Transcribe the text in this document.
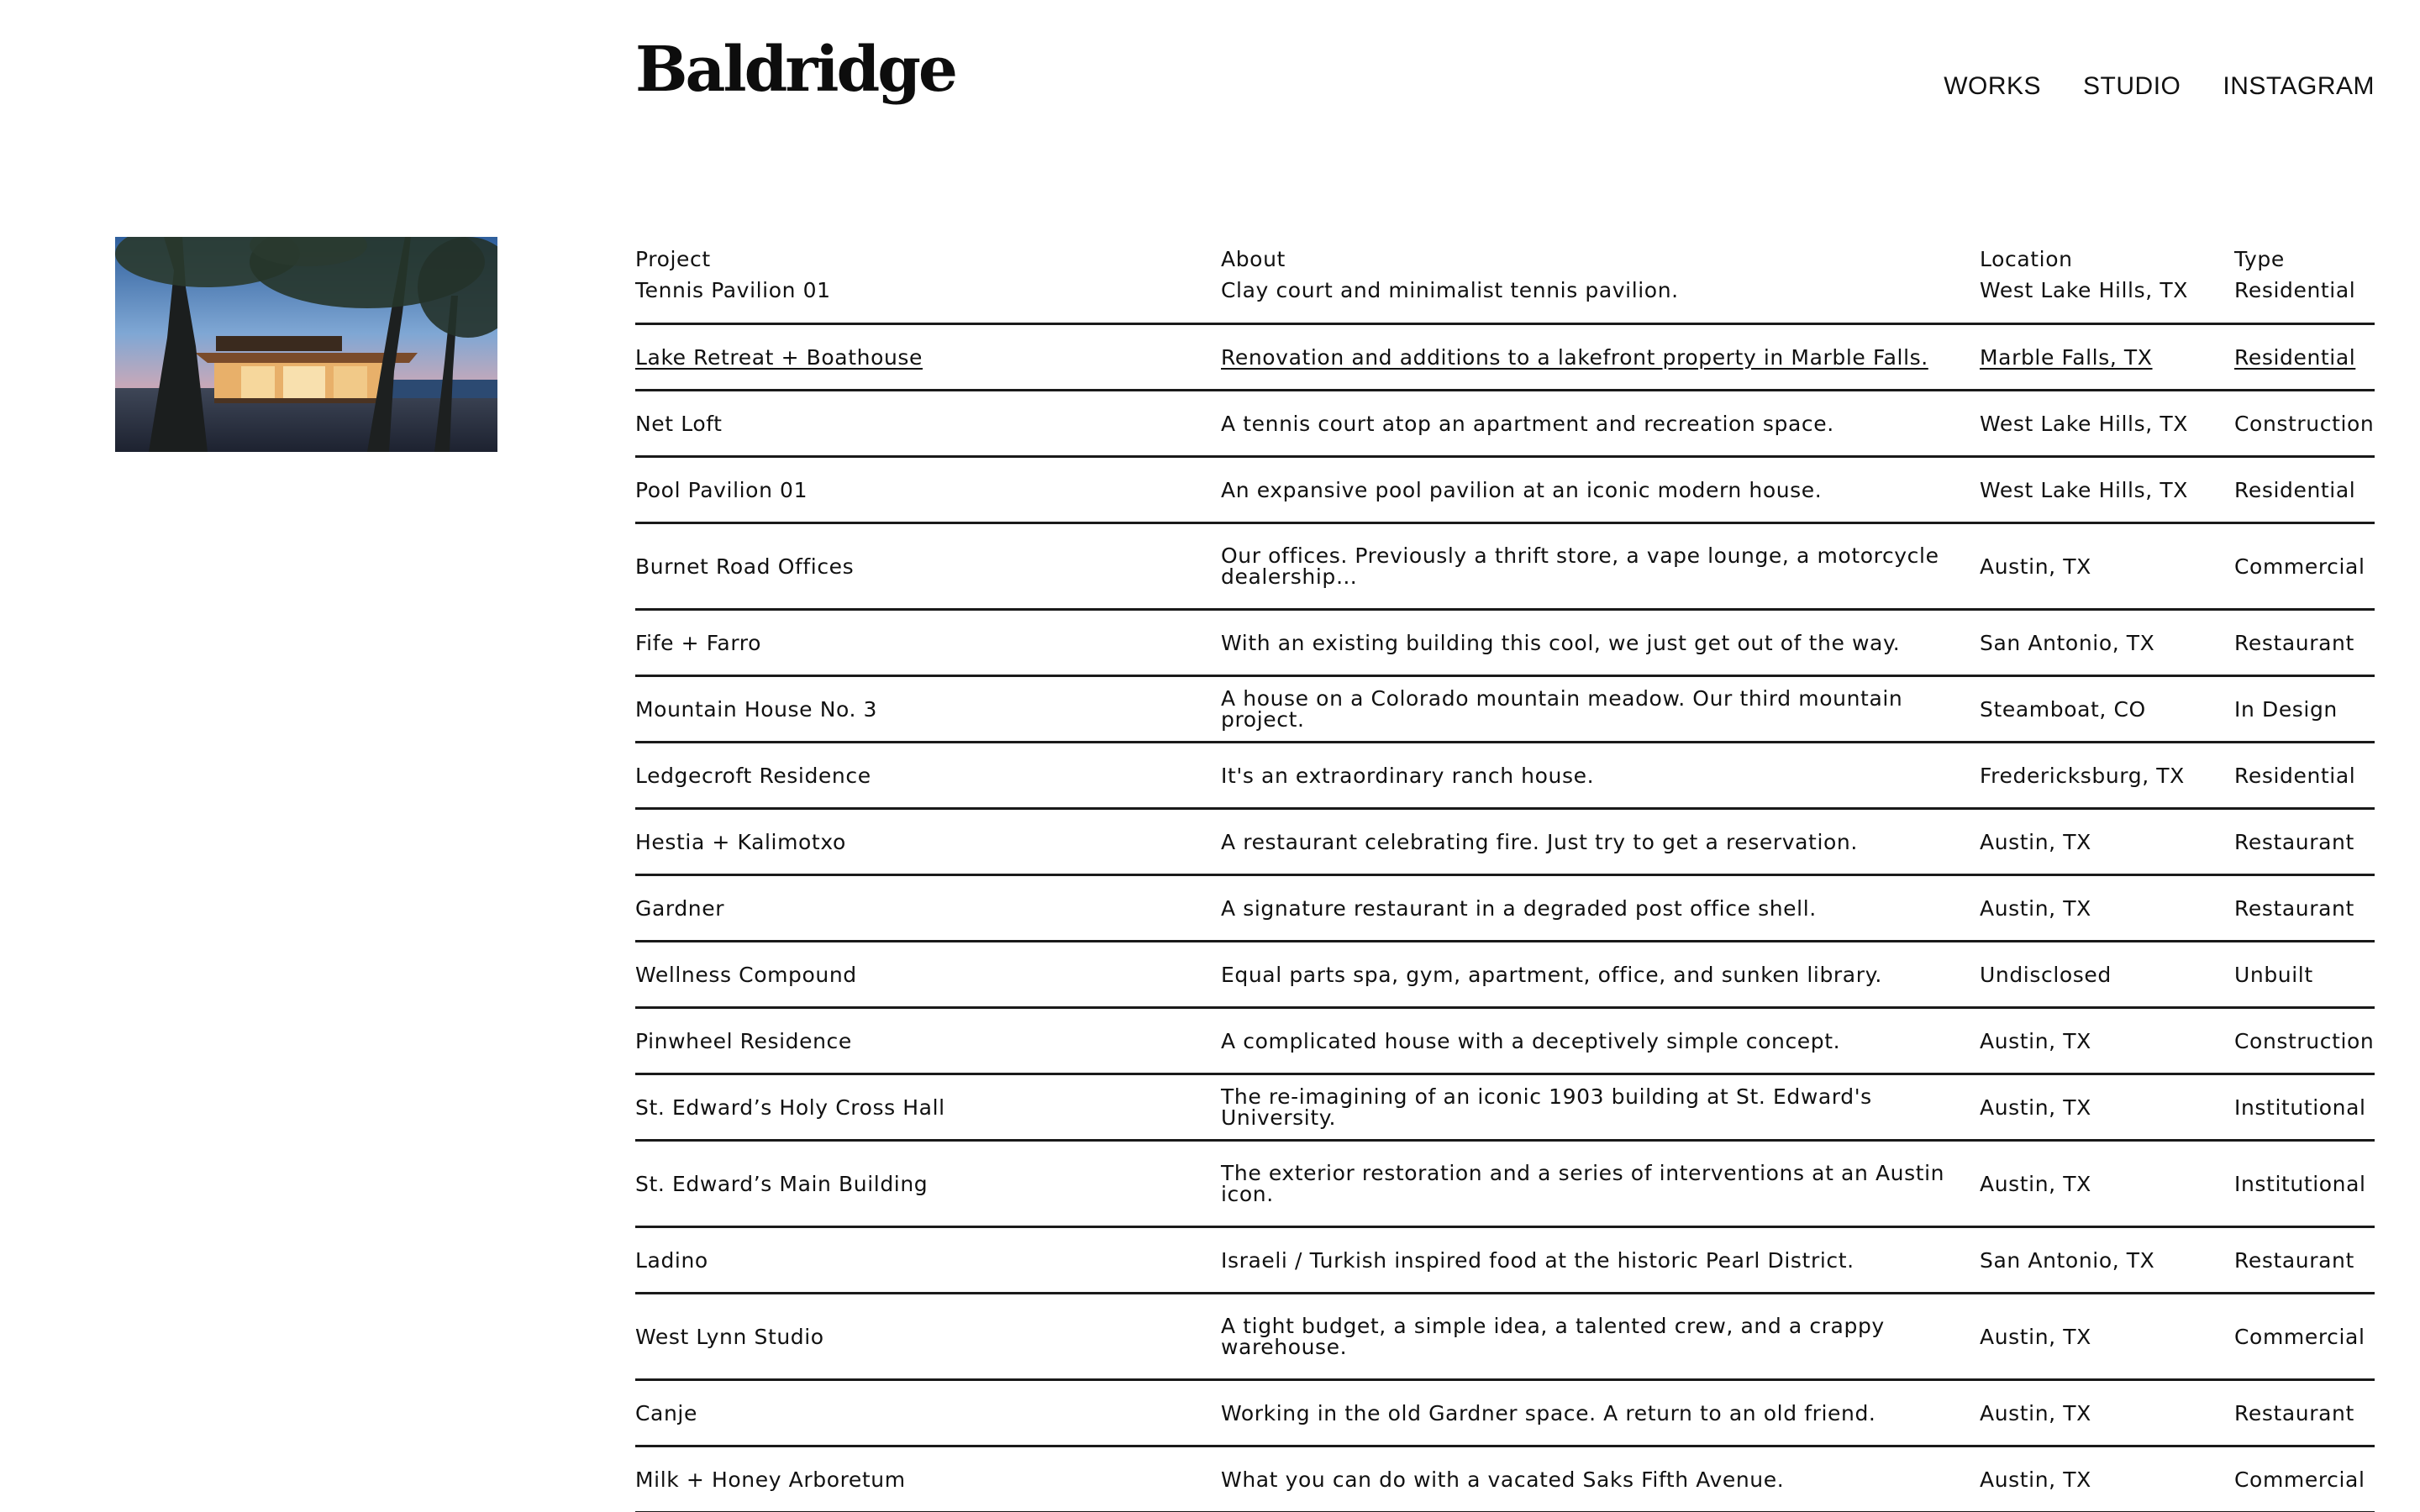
Baldridge	WORKS STUDIO INSTAGRAM
Project	About	Location	Type
Tennis Pavilion 01	Clay court and minimalist tennis pavilion.	West Lake Hills, TX	Residential
Lake Retreat + Boathouse	Renovation and additions to a lakefront property in Marble Falls.	Marble Falls, TX	Residential
Net Loft	A tennis court atop an apartment and recreation space.	West Lake Hills, TX	Construction
Pool Pavilion 01	An expansive pool pavilion at an iconic modern house.	West Lake Hills, TX	Residential
Burnet Road Offices	Our offices. Previously a thrift store, a vape lounge, a motorcycle dealership…	Austin, TX	Commercial
Fife + Farro	With an existing building this cool, we just get out of the way.	San Antonio, TX	Restaurant
Mountain House No. 3	A house on a Colorado mountain meadow. Our third mountain project.	Steamboat, CO	In Design
Ledgecroft Residence	It's an extraordinary ranch house.	Fredericksburg, TX	Residential
Hestia + Kalimotxo	A restaurant celebrating fire. Just try to get a reservation.	Austin, TX	Restaurant
Gardner	A signature restaurant in a degraded post office shell.	Austin, TX	Restaurant
Wellness Compound	Equal parts spa, gym, apartment, office, and sunken library.	Undisclosed	Unbuilt
Pinwheel Residence	A complicated house with a deceptively simple concept.	Austin, TX	Construction
St. Edward’s Holy Cross Hall	The re-imagining of an iconic 1903 building at St. Edward's University.	Austin, TX	Institutional
St. Edward’s Main Building	The exterior restoration and a series of interventions at an Austin icon.	Austin, TX	Institutional
Ladino	Israeli / Turkish inspired food at the historic Pearl District.	San Antonio, TX	Restaurant
West Lynn Studio	A tight budget, a simple idea, a talented crew, and a crappy warehouse.	Austin, TX	Commercial
Canje	Working in the old Gardner space. A return to an old friend.	Austin, TX	Restaurant
Milk + Honey Arboretum	What you can do with a vacated Saks Fifth Avenue.	Austin, TX	Commercial
